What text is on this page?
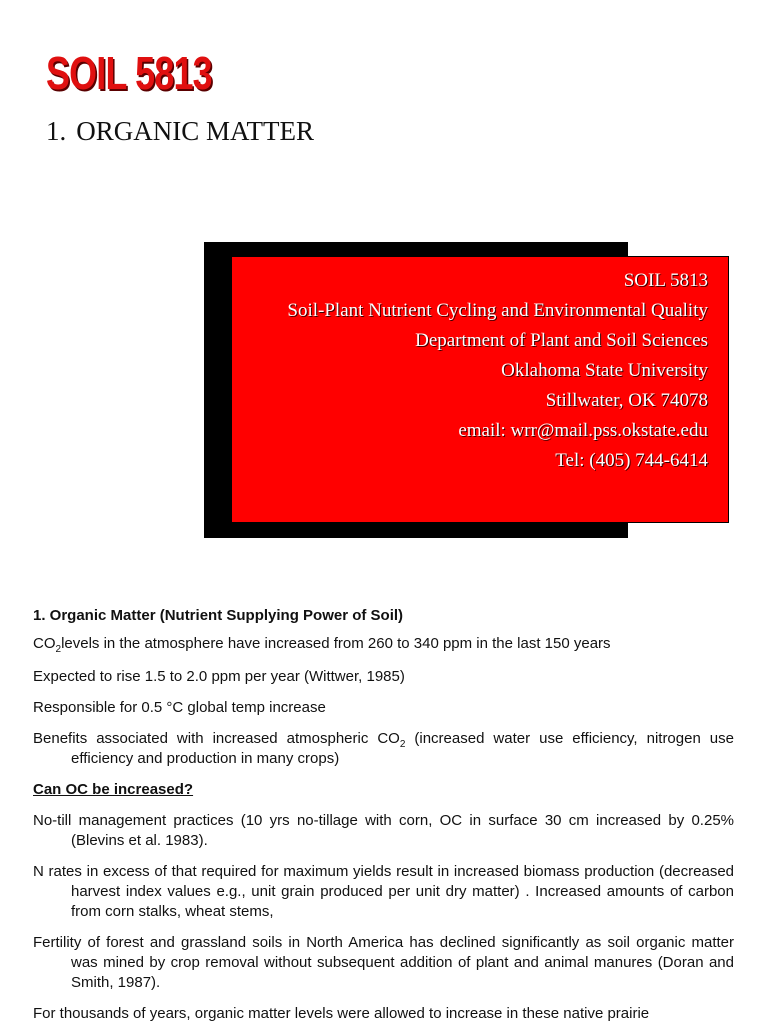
SOIL 5813
1. ORGANIC MATTER
SOIL 5813
Soil-Plant Nutrient Cycling and Environmental Quality
Department of Plant and Soil Sciences
Oklahoma State University
Stillwater, OK 74078
email: wrr@mail.pss.okstate.edu
Tel: (405) 744-6414

1. Organic Matter (Nutrient Supplying Power of Soil)

$CO_2levels$ in the atmosphere have increased from 260 to 340 ppm in the last 150 years

Expected to rise 1.5 to 2.0 ppm per year (Wittwer, 1985)

Responsible for 0.5 °C global temp increase

Benefits associated with increased atmospheric $CO_2$ (increased water use efficiency, nitrogen use efficiency and production in many crops)

Can OC be increased?

No-till management practices (10 yrs no-tillage with corn, OC in surface 30 cm increased by 0.25% (Blevins et al. 1983).

N rates in excess of that required for maximum yields result in increased biomass production (decreased harvest index values e.g., unit grain produced per unit dry matter) . Increased amounts of carbon from corn stalks, wheat stems,

Fertility of forest and grassland soils in North America has declined significantly as soil organic matter was mined by crop removal without subsequent addition of plant and animal manures (Doran and Smith, 1987).

For thousands of years, organic matter levels were allowed to increase in these native prairie
